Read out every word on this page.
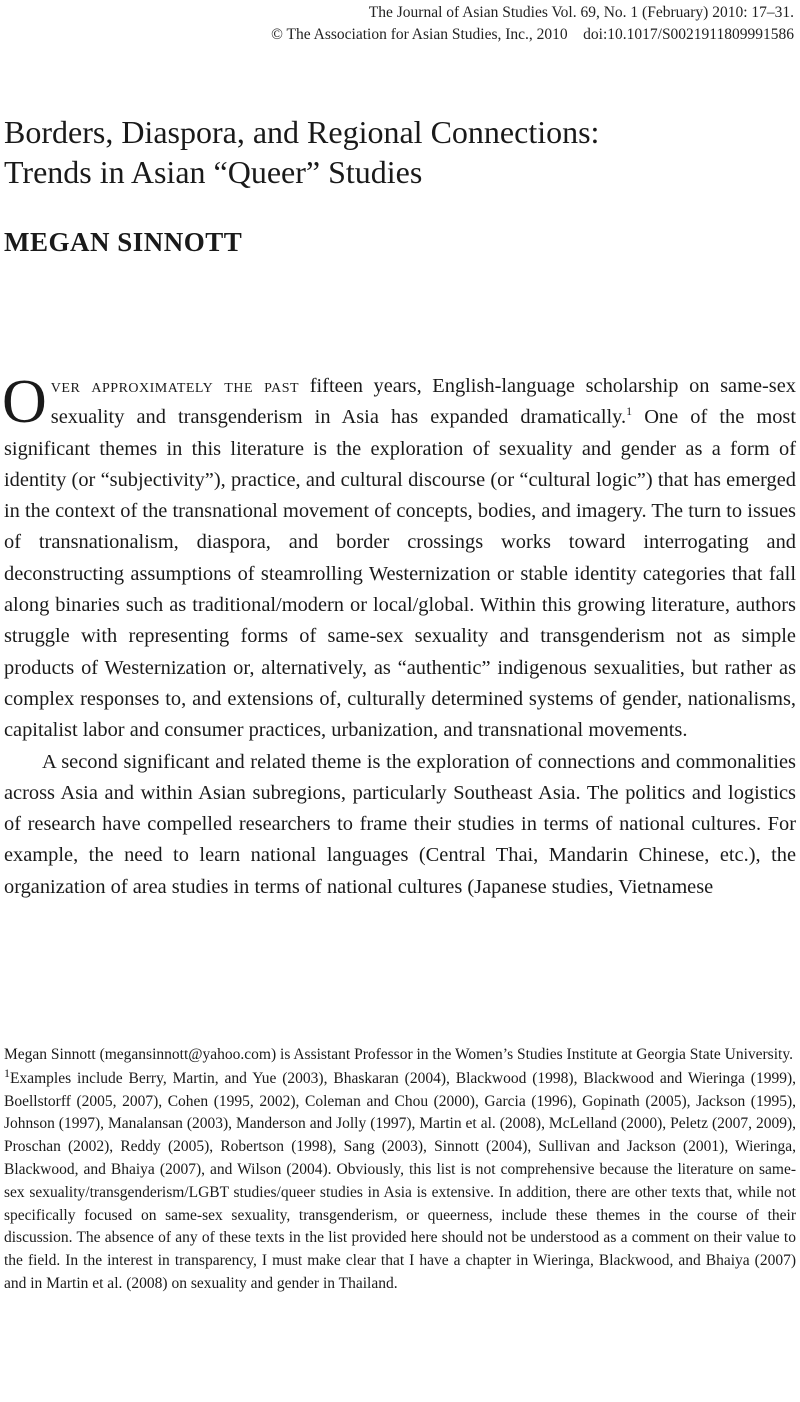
The Journal of Asian Studies Vol. 69, No. 1 (February) 2010: 17–31.
© The Association for Asian Studies, Inc., 2010    doi:10.1017/S0021911809991586
Borders, Diaspora, and Regional Connections:
Trends in Asian “Queer” Studies
MEGAN SINNOTT

Over approximately the past fifteen years, English-language scholarship on same-sex sexuality and transgenderism in Asia has expanded dramatically.$^1$ One of the most significant themes in this literature is the exploration of sexuality and gender as a form of identity (or “subjectivity”), practice, and cultural discourse (or “cultural logic”) that has emerged in the context of the transnational movement of concepts, bodies, and imagery. The turn to issues of transnationalism, diaspora, and border crossings works toward interrogating and deconstructing assumptions of steamrolling Westernization or stable identity categories that fall along binaries such as traditional/modern or local/global. Within this growing literature, authors struggle with representing forms of same-sex sexuality and transgenderism not as simple products of Westernization or, alternatively, as “authentic” indigenous sexualities, but rather as complex responses to, and extensions of, culturally determined systems of gender, nationalisms, capitalist labor and consumer practices, urbanization, and transnational movements.

A second significant and related theme is the exploration of connections and commonalities across Asia and within Asian subregions, particularly Southeast Asia. The politics and logistics of research have compelled researchers to frame their studies in terms of national cultures. For example, the need to learn national languages (Central Thai, Mandarin Chinese, etc.), the organization of area studies in terms of national cultures (Japanese studies, Vietnamese

Megan Sinnott (megansinnott@yahoo.com) is Assistant Professor in the Women’s Studies Institute at Georgia State University.

$^1$Examples include Berry, Martin, and Yue (2003), Bhaskaran (2004), Blackwood (1998), Blackwood and Wieringa (1999), Boellstorff (2005, 2007), Cohen (1995, 2002), Coleman and Chou (2000), Garcia (1996), Gopinath (2005), Jackson (1995), Johnson (1997), Manalansan (2003), Manderson and Jolly (1997), Martin et al. (2008), McLelland (2000), Peletz (2007, 2009), Proschan (2002), Reddy (2005), Robertson (1998), Sang (2003), Sinnott (2004), Sullivan and Jackson (2001), Wieringa, Blackwood, and Bhaiya (2007), and Wilson (2004). Obviously, this list is not comprehensive because the literature on same-sex sexuality/transgenderism/LGBT studies/queer studies in Asia is extensive. In addition, there are other texts that, while not specifically focused on same-sex sexuality, transgenderism, or queerness, include these themes in the course of their discussion. The absence of any of these texts in the list provided here should not be understood as a comment on their value to the field. In the interest in transparency, I must make clear that I have a chapter in Wieringa, Blackwood, and Bhaiya (2007) and in Martin et al. (2008) on sexuality and gender in Thailand.
